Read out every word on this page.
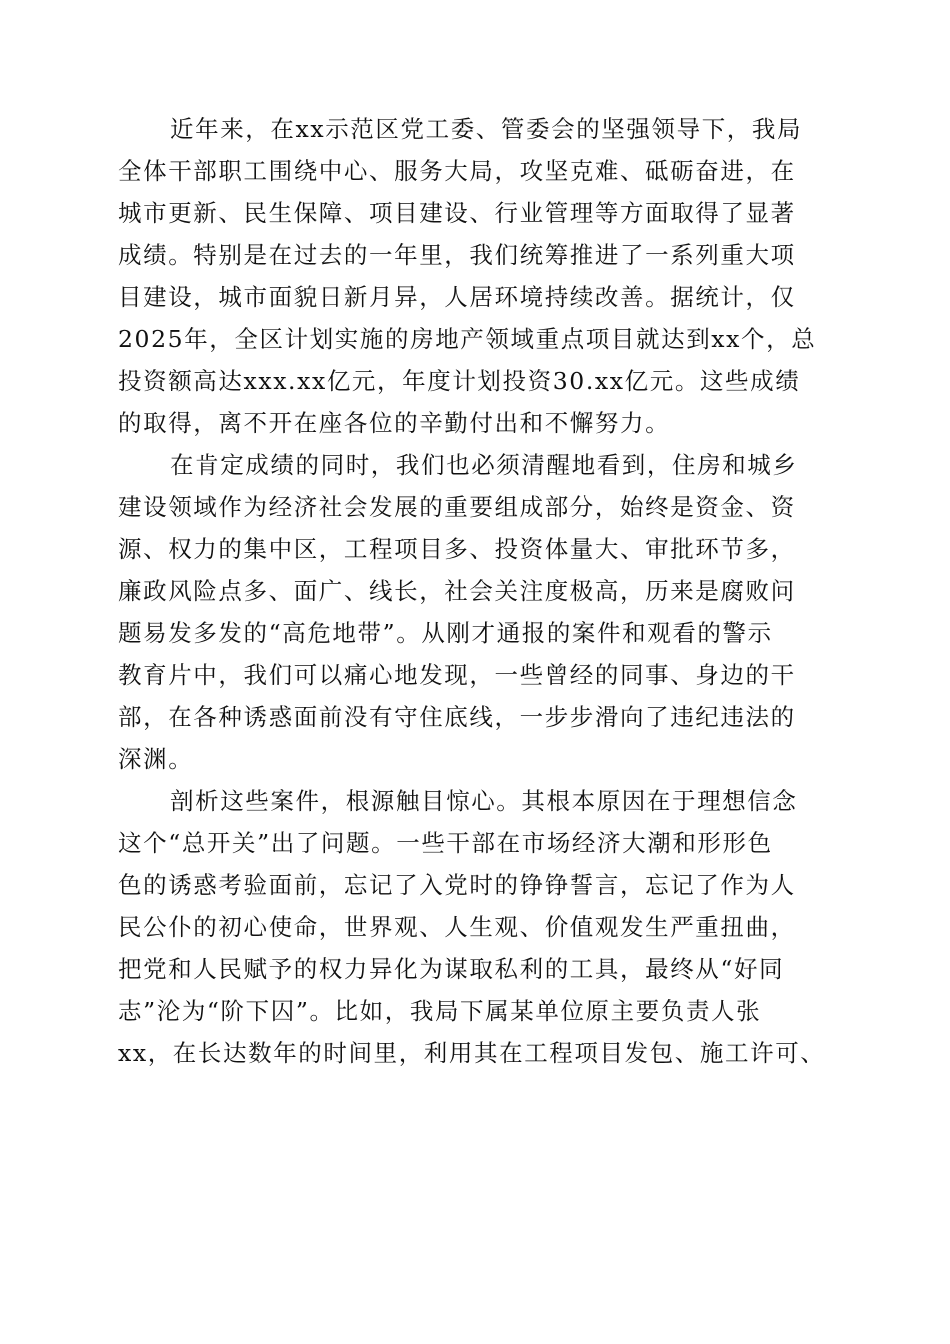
近年来，在xx示范区党工委、管委会的坚强领导下，我局
全体干部职工围绕中心、服务大局，攻坚克难、砥砺奋进，在
城市更新、民生保障、项目建设、行业管理等方面取得了显著
成绩。特别是在过去的一年里，我们统筹推进了一系列重大项
目建设，城市面貌日新月异，人居环境持续改善。据统计，仅
2025年，全区计划实施的房地产领域重点项目就达到xx个，总
投资额高达xxx.xx亿元，年度计划投资30.xx亿元。这些成绩
的取得，离不开在座各位的辛勤付出和不懈努力。
在肯定成绩的同时，我们也必须清醒地看到，住房和城乡
建设领域作为经济社会发展的重要组成部分，始终是资金、资
源、权力的集中区，工程项目多、投资体量大、审批环节多，
廉政风险点多、面广、线长，社会关注度极高，历来是腐败问
题易发多发的“高危地带”。从刚才通报的案件和观看的警示
教育片中，我们可以痛心地发现，一些曾经的同事、身边的干
部，在各种诱惑面前没有守住底线，一步步滑向了违纪违法的
深渊。
剖析这些案件，根源触目惊心。其根本原因在于理想信念
这个“总开关”出了问题。一些干部在市场经济大潮和形形色
色的诱惑考验面前，忘记了入党时的铮铮誓言，忘记了作为人
民公仆的初心使命，世界观、人生观、价值观发生严重扭曲，
把党和人民赋予的权力异化为谋取私利的工具，最终从“好同
志”沦为“阶下囚”。比如，我局下属某单位原主要负责人张
xx，在长达数年的时间里，利用其在工程项目发包、施工许可、
